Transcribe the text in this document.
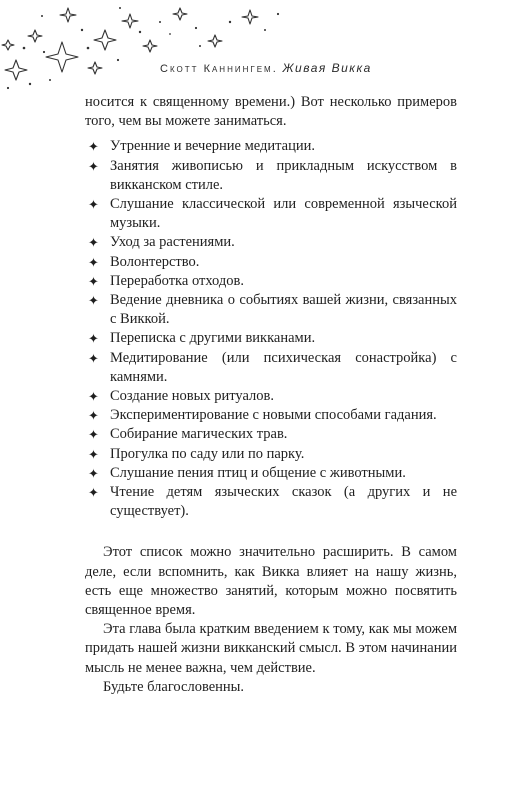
Скотт Каннингем. Живая Викка

носится к священному времени.) Вот несколько примеров того, чем вы можете заниматься.

✦ Утренние и вечерние медитации.
✦ Занятия живописью и прикладным искусством в викканском стиле.
✦ Слушание классической или современной языческой музыки.
✦ Уход за растениями.
✦ Волонтерство.
✦ Переработка отходов.
✦ Ведение дневника о событиях вашей жизни, связанных с Виккой.
✦ Переписка с другими викканами.
✦ Медитирование (или психическая сонастройка) с камнями.
✦ Создание новых ритуалов.
✦ Экспериментирование с новыми способами гадания.
✦ Собирание магических трав.
✦ Прогулка по саду или по парку.
✦ Слушание пения птиц и общение с животными.
✦ Чтение детям языческих сказок (а других и не существует).

Этот список можно значительно расширить. В самом деле, если вспомнить, как Викка влияет на нашу жизнь, есть еще множество занятий, которым можно посвятить священное время.

Эта глава была кратким введением к тому, как мы можем придать нашей жизни викканский смысл. В этом начинании мысль не менее важна, чем действие.

Будьте благословенны.
